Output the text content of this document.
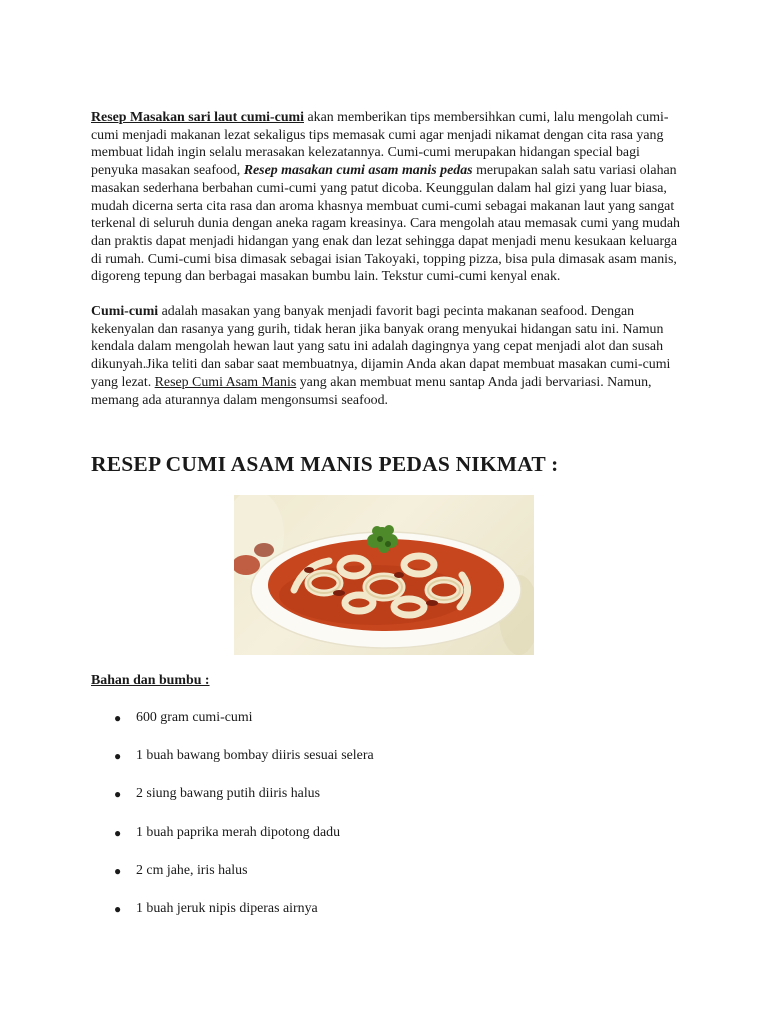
Resep Masakan sari laut cumi-cumi akan memberikan tips membersihkan cumi, lalu mengolah cumi-cumi menjadi makanan lezat sekaligus tips memasak cumi agar menjadi nikamat dengan cita rasa yang membuat lidah ingin selalu merasakan kelezatannya. Cumi-cumi merupakan hidangan special bagi penyuka masakan seafood, Resep masakan cumi asam manis pedas merupakan salah satu variasi olahan masakan sederhana berbahan cumi-cumi yang patut dicoba. Keunggulan dalam hal gizi yang luar biasa, mudah dicerna serta cita rasa dan aroma khasnya membuat cumi-cumi sebagai makanan laut yang sangat terkenal di seluruh dunia dengan aneka ragam kreasinya. Cara mengolah atau memasak cumi yang mudah dan praktis dapat menjadi hidangan yang enak dan lezat sehingga dapat menjadi menu kesukaan keluarga di rumah. Cumi-cumi bisa dimasak sebagai isian Takoyaki, topping pizza, bisa pula dimasak asam manis, digoreng tepung dan berbagai masakan bumbu lain. Tekstur cumi-cumi kenyal enak.

Cumi-cumi adalah masakan yang banyak menjadi favorit bagi pecinta makanan seafood. Dengan kekenyalan dan rasanya yang gurih, tidak heran jika banyak orang menyukai hidangan satu ini. Namun kendala dalam mengolah hewan laut yang satu ini adalah dagingnya yang cepat menjadi alot dan susah dikunyah.Jika teliti dan sabar saat membuatnya, dijamin Anda akan dapat membuat masakan cumi-cumi yang lezat. Resep Cumi Asam Manis yang akan membuat menu santap Anda jadi bervariasi. Namun, memang ada aturannya dalam mengonsumsi seafood.

RESEP CUMI ASAM MANIS PEDAS NIKMAT :
Bahan dan bumbu :
● 600 gram cumi-cumi
● 1 buah bawang bombay diiris sesuai selera
● 2 siung bawang putih diiris halus
● 1 buah paprika merah dipotong dadu
● 2 cm jahe, iris halus
● 1 buah jeruk nipis diperas airnya
